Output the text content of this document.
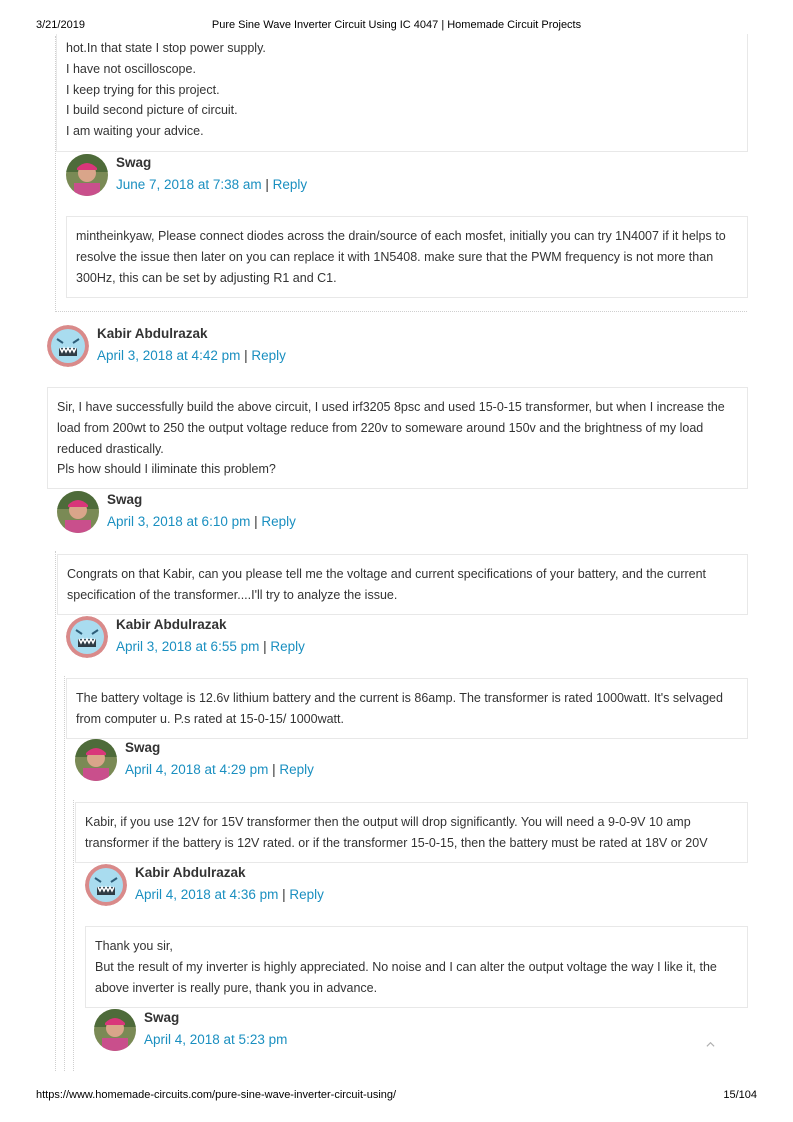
3/21/2019	Pure Sine Wave Inverter Circuit Using IC 4047 | Homemade Circuit Projects

hot.In that state I stop power supply.

I have not oscilloscope.

I keep trying for this project.

I build second picture of circuit.

I am waiting your advice.

Swag
June 7, 2018 at 7:38 am | Reply

mintheinkyaw, Please connect diodes across the drain/source of each mosfet, initially you can try 1N4007 if it helps to

resolve the issue then later on you can replace it with 1N5408. make sure that the PWM frequency is not more than

300Hz, this can be set by adjusting R1 and C1.

Kabir Abdulrazak
April 3, 2018 at 4:42 pm | Reply

Sir, I have successfully build the above circuit, I used irf3205 8psc and used 15-0-15 transformer, but when I increase the

load from 200wt to 250 the output voltage reduce from 220v to someware around 150v and the brightness of my load

reduced drastically.

Pls how should I iliminate this problem?

Swag
April 3, 2018 at 6:10 pm | Reply

Congrats on that Kabir, can you please tell me the voltage and current specifications of your battery, and the current

specification of the transformer....I'll try to analyze the issue.

Kabir Abdulrazak
April 3, 2018 at 6:55 pm | Reply

The battery voltage is 12.6v lithium battery and the current is 86amp. The transformer is rated 1000watt. It's selvaged

from computer u. P.s rated at 15-0-15/ 1000watt.

Swag
April 4, 2018 at 4:29 pm | Reply

Kabir, if you use 12V for 15V transformer then the output will drop significantly. You will need a 9-0-9V 10 amp

transformer if the battery is 12V rated. or if the transformer 15-0-15, then the battery must be rated at 18V or 20V

Kabir Abdulrazak
April 4, 2018 at 4:36 pm | Reply

Thank you sir,

But the result of my inverter is highly appreciated. No noise and I can alter the output voltage the way I like it, the

above inverter is really pure, thank you in advance.

Swag
April 4, 2018 at 5:23 pm
https://www.homemade-circuits.com/pure-sine-wave-inverter-circuit-using/	15/104
